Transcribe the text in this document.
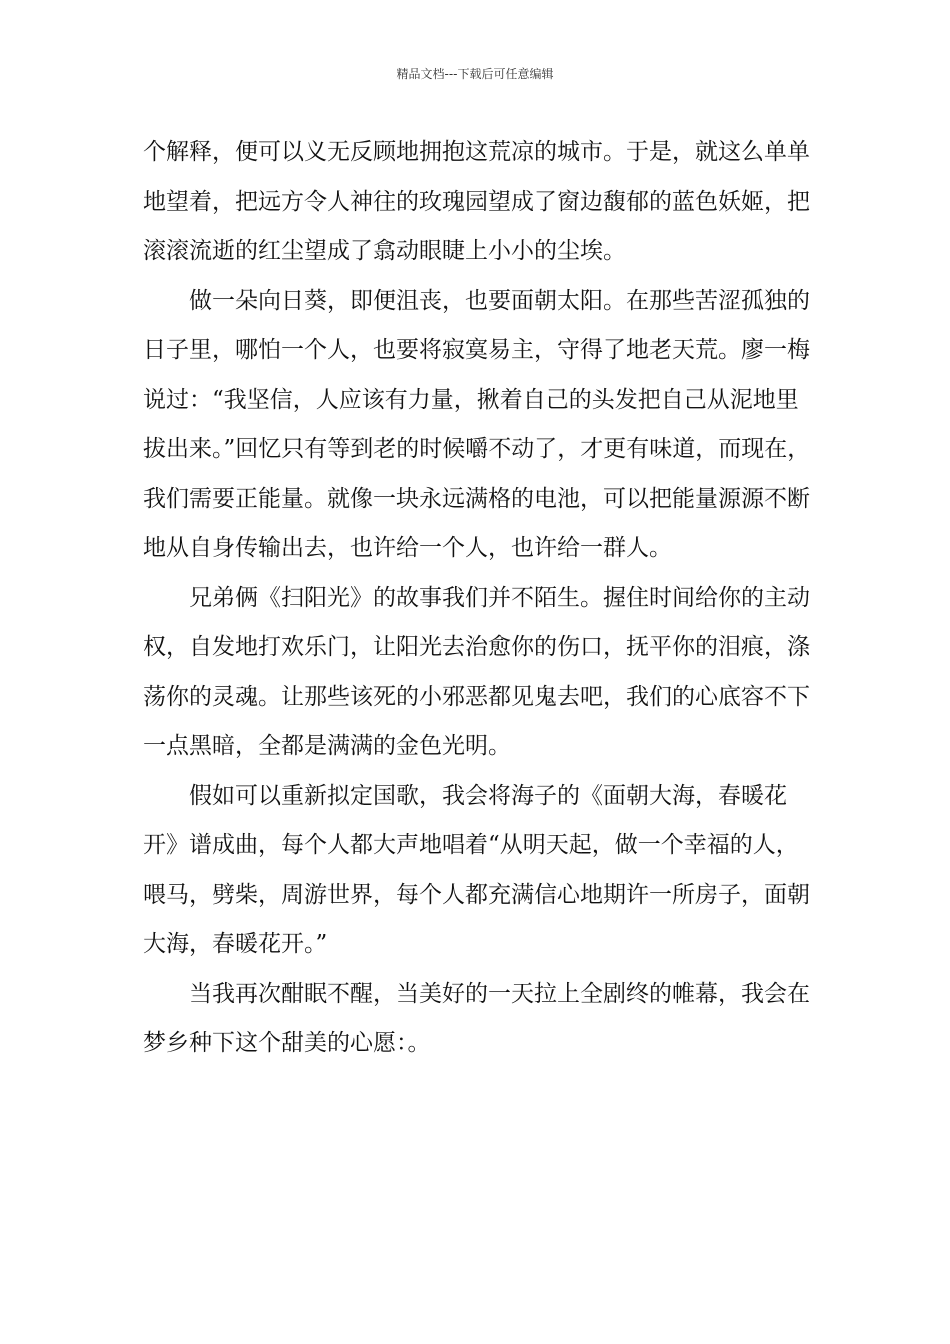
精品文档---下载后可任意编辑
个解释，便可以义无反顾地拥抱这荒凉的城市。于是，就这么单单
地望着，把远方令人神往的玫瑰园望成了窗边馥郁的蓝色妖姬，把
滚滚流逝的红尘望成了翕动眼睫上小小的尘埃。
做一朵向日葵，即便沮丧，也要面朝太阳。在那些苦涩孤独的
日子里，哪怕一个人，也要将寂寞易主，守得了地老天荒。廖一梅
说过：“我坚信，人应该有力量，揪着自己的头发把自己从泥地里
拔出来。”回忆只有等到老的时候嚼不动了，才更有味道，而现在，
我们需要正能量。就像一块永远满格的电池，可以把能量源源不断
地从自身传输出去，也许给一个人，也许给一群人。
兄弟俩《扫阳光》的故事我们并不陌生。握住时间给你的主动
权，自发地打欢乐门，让阳光去治愈你的伤口，抚平你的泪痕，涤
荡你的灵魂。让那些该死的小邪恶都见鬼去吧，我们的心底容不下
一点黑暗，全都是满满的金色光明。
假如可以重新拟定国歌，我会将海子的《面朝大海，春暖花
开》谱成曲，每个人都大声地唱着“从明天起，做一个幸福的人，
喂马，劈柴，周游世界，每个人都充满信心地期许一所房子，面朝
大海，春暖花开。”
当我再次酣眠不醒，当美好的一天拉上全剧终的帷幕，我会在
梦乡种下这个甜美的心愿：。
